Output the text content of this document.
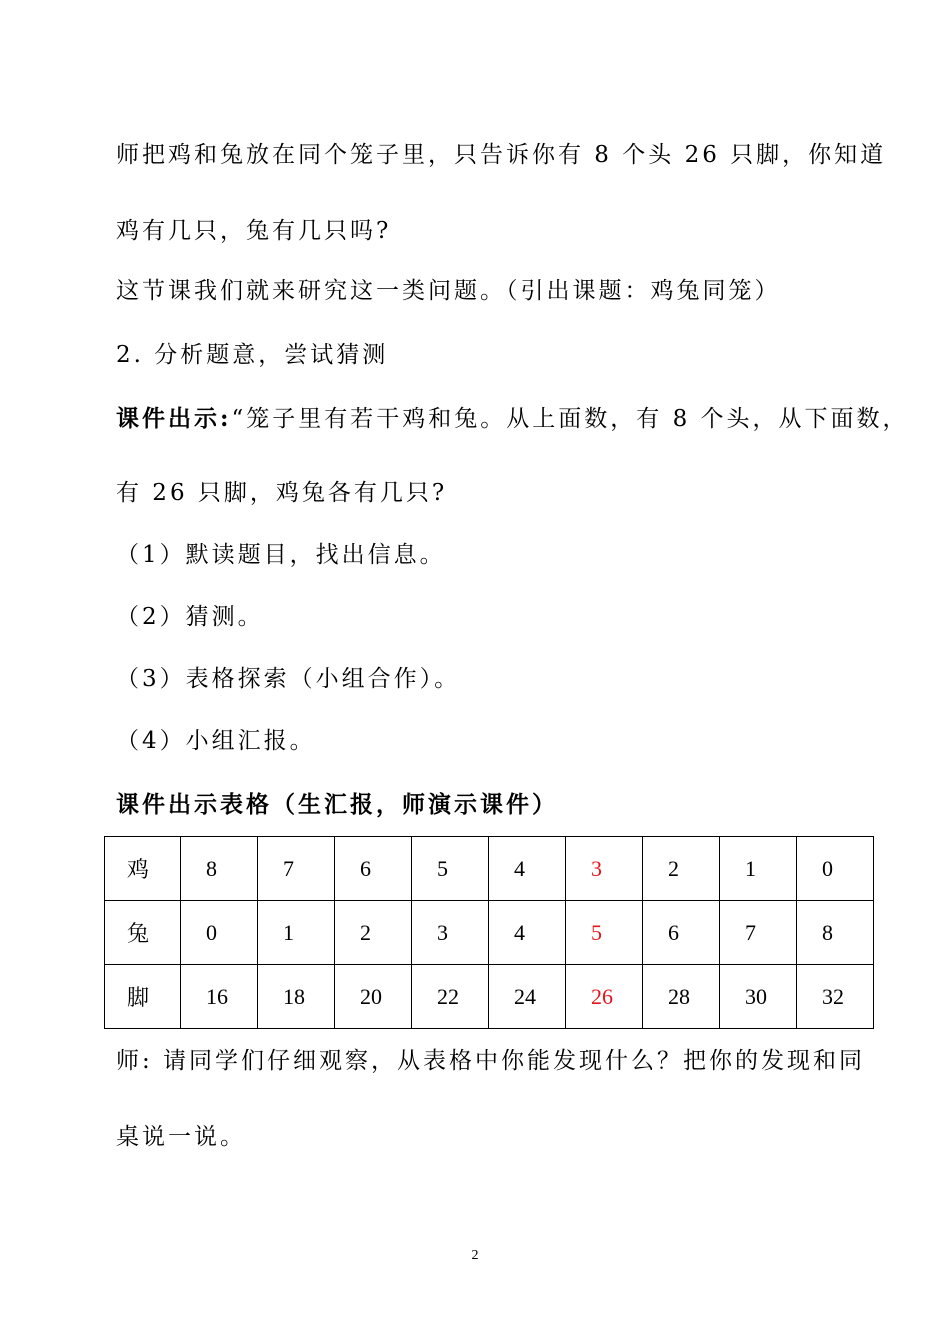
师把鸡和兔放在同个笼子里，只告诉你有 8 个头 26 只脚，你知道
鸡有几只，兔有几只吗?
这节课我们就来研究这一类问题。（引出课题：鸡兔同笼）
2. 分析题意，尝试猜测
课件出示:“笼子里有若干鸡和兔。从上面数，有 8 个头，从下面数，
有 26 只脚，鸡兔各有几只?
（1）默读题目，找出信息。
（2）猜测。
（3）表格探索（小组合作）。
（4）小组汇报。
课件出示表格（生汇报，师演示课件）
鸡	8	7	6	5	4	3	2	1	0
兔	0	1	2	3	4	5	6	7	8
脚	16	18	20	22	24	26	28	30	32
师: 请同学们仔细观察，从表格中你能发现什么？把你的发现和同
桌说一说。
2
